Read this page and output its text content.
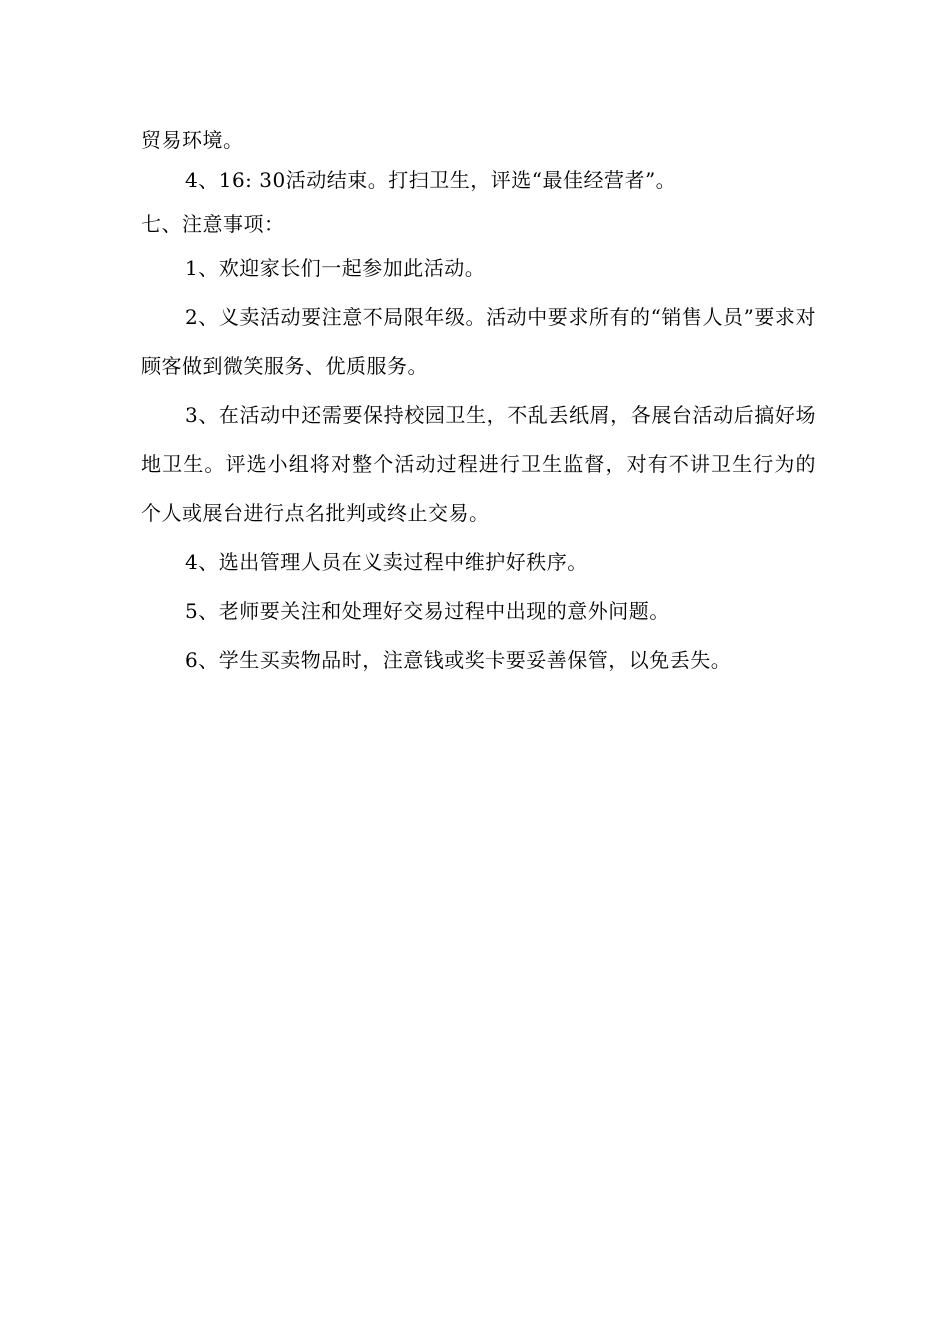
贸易环境。

4、16: 30活动结束。打扫卫生，评选“最佳经营者”。

七、注意事项：

1、欢迎家长们一起参加此活动。

2、义卖活动要注意不局限年级。活动中要求所有的“销售人员”要求对顾客做到微笑服务、优质服务。

3、在活动中还需要保持校园卫生，不乱丢纸屑，各展台活动后搞好场地卫生。评选小组将对整个活动过程进行卫生监督，对有不讲卫生行为的个人或展台进行点名批判或终止交易。

4、选出管理人员在义卖过程中维护好秩序。

5、老师要关注和处理好交易过程中出现的意外问题。

6、学生买卖物品时，注意钱或奖卡要妥善保管，以免丢失。
